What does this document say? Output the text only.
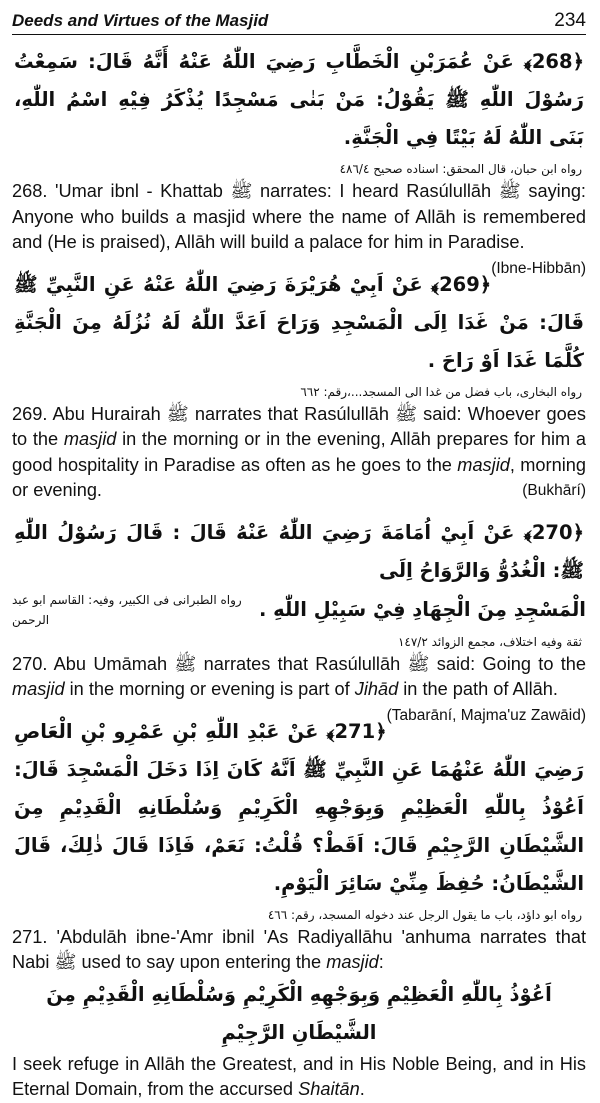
Deeds and Virtues of the Masjid	234

﴿268﴾ عَنْ عُمَرَبْنِ الْخَطَّابِ رَضِيَ اللّٰهُ عَنْهُ أَنَّهُ قَالَ: سَمِعْتُ رَسُوْلَ اللّٰهِ ﷺ يَقُوْلُ: مَنْ بَنٰى مَسْجِدًا يُذْكَرُ فِيْهِ اسْمُ اللّٰهِ، بَنَى اللّٰهُ لَهُ بَيْتًا فِي الْجَنَّةِ.

رواه ابن حبان، قال المحقق: اسناده صحیح ٤٨٦/٤

268. 'Umar ibnl - Khattab ﷺ narrates: I heard Rasúlullāh ﷺ saying: Anyone who builds a masjid where the name of Allāh is remembered and (He is praised), Allāh will build a palace for him in Paradise.
(Ibne-Hibbān)

﴿269﴾ عَنْ اَبِيْ هُرَيْرَةَ رَضِيَ اللّٰهُ عَنْهُ عَنِ النَّبِيِّ ﷺ قَالَ: مَنْ غَدَا اِلَى الْمَسْجِدِ وَرَاحَ اَعَدَّ اللّٰهُ لَهُ نُزُلَهُ مِنَ الْجَنَّةِ كُلَّمَا غَدَا اَوْ رَاحَ .

رواه البخاری، باب فضل من غدا الی المسجد...،رقم: ٦٦٢

269. Abu Hurairah ﷺ narrates that Rasúlullāh ﷺ said: Whoever goes to the masjid in the morning or in the evening, Allāh prepares for him a good hospitality in Paradise as often as he goes to the masjid, morning or evening.	(Bukhārí)

﴿270﴾ عَنْ اَبِيْ اُمَامَةَ رَضِيَ اللّٰهُ عَنْهُ قَالَ : قَالَ رَسُوْلُ اللّٰهِ ﷺ: الْغُدُوُّ وَالرَّوَاحُ اِلَى

الْمَسْجِدِ مِنَ الْجِهَادِ فِيْ سَبِيْلِ اللّٰهِ .

رواه الطبرانی فی الکبیر، وفیہ: القاسم ابو عبد الرحمن

ثقة وفیه اختلاف، مجمع الزوائد ١٤٧/٢

270. Abu Umāmah ﷺ narrates that Rasúlullāh ﷺ said: Going to the masjid in the morning or evening is part of Jihād in the path of Allāh.
(Tabarāní, Majma'uz Zawāid)

﴿271﴾ عَنْ عَبْدِ اللّٰهِ بْنِ عَمْرِو بْنِ الْعَاصِ رَضِيَ اللّٰهُ عَنْهُمَا عَنِ النَّبِيِّ ﷺ اَنَّهُ كَانَ اِذَا دَخَلَ الْمَسْجِدَ قَالَ: اَعُوْذُ بِاللّٰهِ الْعَظِيْمِ وَبِوَجْهِهِ الْكَرِيْمِ وَسُلْطَانِهِ الْقَدِيْمِ مِنَ الشَّيْطَانِ الرَّجِيْمِ قَالَ: اَقَطْ؟ قُلْتُ: نَعَمْ، فَاِذَا قَالَ ذٰلِكَ، قَالَ الشَّيْطَانُ: حُفِظَ مِنِّيْ سَائِرَ الْيَوْمِ.

رواه ابو داؤد، باب ما یقول الرجل عند دخوله المسجد، رقم: ٤٦٦

271. 'Abdulāh ibne-'Amr ibnil 'As Radiyallāhu 'anhuma narrates that Nabi ﷺ used to say upon entering the masjid:

اَعُوْذُ بِاللّٰهِ الْعَظِيْمِ وَبِوَجْهِهِ الْكَرِيْمِ وَسُلْطَانِهِ الْقَدِيْمِ مِنَ الشَّيْطَانِ الرَّجِيْمِ

I seek refuge in Allāh the Greatest, and in His Noble Being, and in His Eternal Domain, from the accursed Shaitān.
